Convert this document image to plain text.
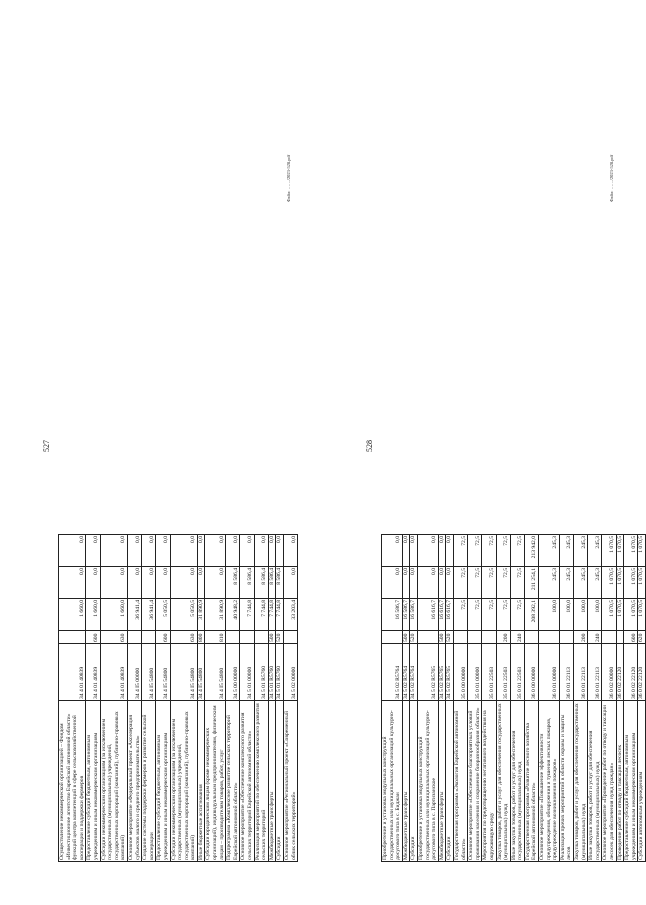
527
Осуществление некоммерческой организацией – Фондом «Инвестиционное агентство Еврейской автономной области» функций центра компетенций в сфере сельскохозяйственной кооперации и поддержки фермеров	34 4 01 40839		1 660,0	0,0	0,0
Предоставление субсидий бюджетным, автономным учреждениям и иным некоммерческим организациям	34 4 01 40839	600	1 660,0	0,0	0,0
Субсидии некоммерческим организациям (за исключением государственных (муниципальных) учреждений, государственных корпораций (компаний), публично-правовых компаний)	34 4 01 40839	630	1 660,0	0,0	0,0
Основное мероприятие «Федеральный проект «Акселерация субъектов малого и среднего предпринимательства»	34 4 I5 00000		36 941,4	0,0	0,0
Создание системы поддержки фермеров и развитие сельской кооперации	34 4 I5 54800		36 941,4	0,0	0,0
Предоставление субсидий бюджетным, автономным учреждениям и иным некоммерческим организациям	34 4 I5 54800	600	5 050,5	0,0	0,0
Субсидии некоммерческим организациям (за исключением государственных (муниципальных) учреждений, государственных корпораций (компаний), публично-правовых компаний)	34 4 I5 54800	630	5 050,5	0,0	0,0
Иные бюджетные ассигнования	34 4 I5 54800	800	31 890,9	0,0	0,0
Субсидии юридическим лицам (кроме некоммерческих организаций), индивидуальным предпринимателям, физическим лицам – производителям товаров, работ, услуг	34 4 I5 54800	810	31 890,9	0,0	0,0
Подпрограмма «Комплексное развитие сельских территорий Еврейской автономной области»	34 5 00 00000		40 948,2	8 586,4	0,0
Основное мероприятие «Обеспечение комплексного развития сельских территорий Еврейской автономной области»	34 5 01 00000		7 744,8	8 586,4	0,0
Реализация мероприятий по обеспечению комплексного развития сельских территорий	34 5 01 R5760		7 744,8	8 586,4	0,0
Межбюджетные трансферты	34 5 01 R5760	500	7 744,8	8 586,4	0,0
Субсидии	34 5 01 R5760	520	7 744,8	8 586,4	0,0
Основное мероприятие «Региональный проект «Современный облик сельских территорий»	34 5 02 00000		33 203,4	0,0	0,0
Файл: ……/2023-528.pdf
528
Приобретение и установка модульных конструкций государственных или муниципальных организаций культурно-досугового типа в с. Биджан	34 5 02 R5764		16 586,7	0,0	0,0
Межбюджетные трансферты	34 5 02 R5764	500	16 586,7	0,0	0,0
Субсидии	34 5 02 R5764	520	16 586,7	0,0	0,0
Приобретение и установка модульных конструкций государственных или муниципальных организаций культурно-досугового типа в с. Партизанское	34 5 02 R5765		16 616,7	0,0	0,0
Межбюджетные трансферты	34 5 02 R5765	500	16 616,7	0,0	0,0
Субсидии	34 5 02 R5765	520	16 616,7	0,0	0,0
Государственная программа «Экология Еврейской автономной области»	35 0 00 00000		72,5	72,5	72,5
Основное мероприятие «Обеспечение благоприятных условий проживания населения и сохранение биоразнообразия области»	35 0 01 00000		72,5	72,5	72,5
Мероприятия по предотвращению негативного воздействия на окружающую среду	35 0 01 22503		72,5	72,5	72,5
Закупка товаров, работ и услуг для обеспечения государственных (муниципальных) нужд	35 0 01 22503	200	72,5	72,5	72,5
Иные закупки товаров, работ и услуг для обеспечения государственных (муниципальных) нужд	35 0 01 22503	240	72,5	72,5	72,5
Государственная программа «Развитие лесного хозяйства Еврейской автономной области»	36 0 00 00000		208 392,1	211 254,1	213 942,0
Основное мероприятие «Повышение эффективности предупреждения, обнаружения и тушения лесных пожаров, предупреждение возникновения пожаров»	36 0 01 00000		100,0	245,3	245,3
Реализация прочих мероприятий в области охраны и защиты лесов	36 0 01 22113		100,0	245,3	245,3
Закупка товаров, работ и услуг для обеспечения государственных (муниципальных) нужд	36 0 01 22113	200	100,0	245,3	245,3
Иные закупки товаров, работ и услуг для обеспечения государственных (муниципальных) нужд	36 0 01 22113	240	100,0	245,3	245,3
Основное мероприятие «Проведение работ по отводу и таксации лесосек для обеспечения нужд граждан»	36 0 02 00000		1 070,5	1 070,5	1 070,5
Проведение работ по отводу и таксации лесосек	36 0 02 22120		1 070,5	1 070,5	1 070,5
Предоставление субсидий бюджетным, автономным учреждениям и иным некоммерческим организациям	36 0 02 22120	600	1 070,5	1 070,5	1 070,5
Субсидии автономным учреждениям	36 0 02 22120	620	1 070,5	1 070,5	1 070,5
Файл: ……/2023-528.pdf
